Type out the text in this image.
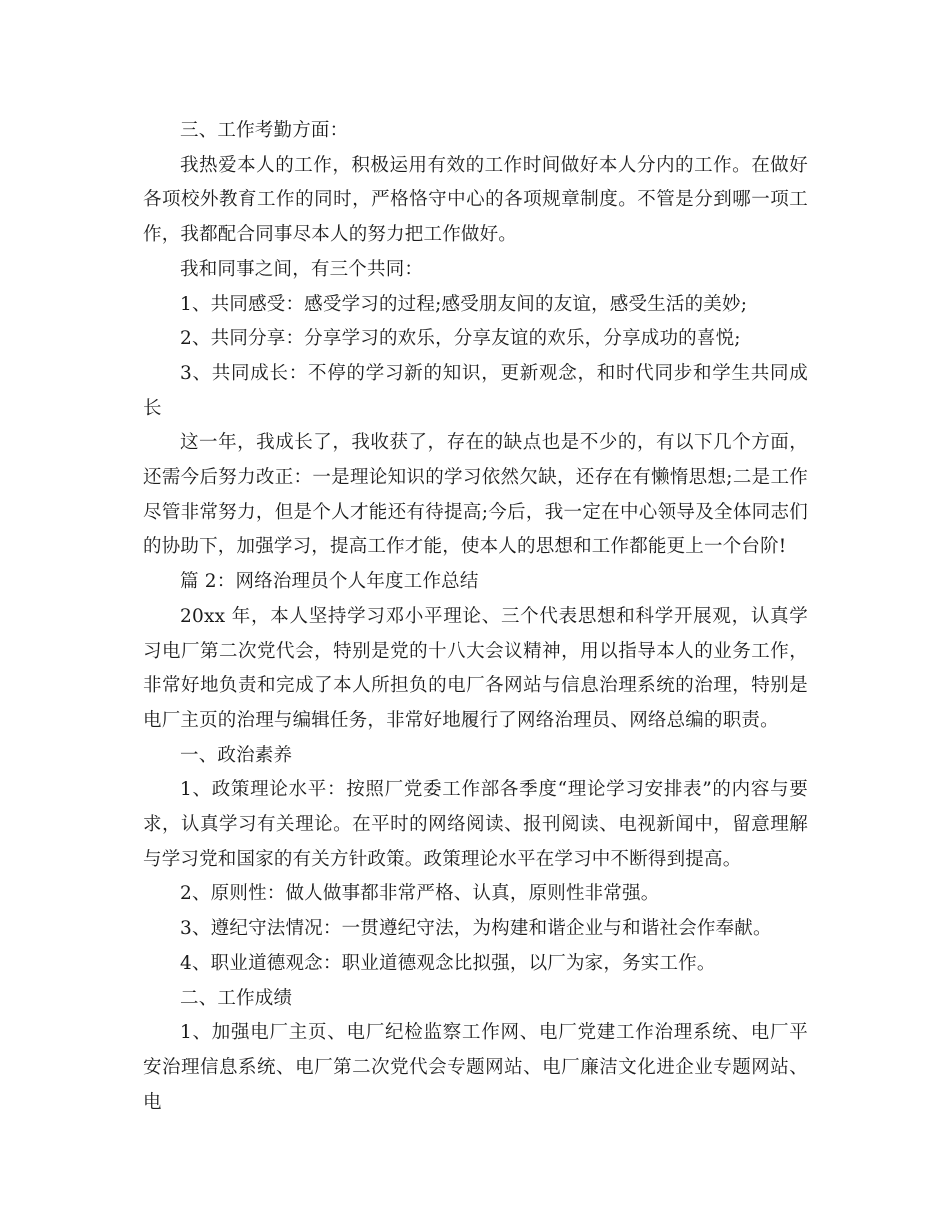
三、工作考勤方面：

我热爱本人的工作，积极运用有效的工作时间做好本人分内的工作。在做好各项校外教育工作的同时，严格恪守中心的各项规章制度。不管是分到哪一项工作，我都配合同事尽本人的努力把工作做好。

我和同事之间，有三个共同：

1、共同感受：感受学习的过程;感受朋友间的友谊，感受生活的美妙;

2、共同分享：分享学习的欢乐，分享友谊的欢乐，分享成功的喜悦;

3、共同成长：不停的学习新的知识，更新观念，和时代同步和学生共同成长

这一年，我成长了，我收获了，存在的缺点也是不少的，有以下几个方面，还需今后努力改正：一是理论知识的学习依然欠缺，还存在有懒惰思想;二是工作尽管非常努力，但是个人才能还有待提高;今后，我一定在中心领导及全体同志们的协助下，加强学习，提高工作才能，使本人的思想和工作都能更上一个台阶!

篇 2：网络治理员个人年度工作总结

20xx 年，本人坚持学习邓小平理论、三个代表思想和科学开展观，认真学习电厂第二次党代会，特别是党的十八大会议精神，用以指导本人的业务工作，非常好地负责和完成了本人所担负的电厂各网站与信息治理系统的治理，特别是电厂主页的治理与编辑任务，非常好地履行了网络治理员、网络总编的职责。

一、政治素养

1、政策理论水平：按照厂党委工作部各季度“理论学习安排表”的内容与要求，认真学习有关理论。在平时的网络阅读、报刊阅读、电视新闻中，留意理解与学习党和国家的有关方针政策。政策理论水平在学习中不断得到提高。

2、原则性：做人做事都非常严格、认真，原则性非常强。

3、遵纪守法情况：一贯遵纪守法，为构建和谐企业与和谐社会作奉献。

4、职业道德观念：职业道德观念比拟强，以厂为家，务实工作。

二、工作成绩

1、加强电厂主页、电厂纪检监察工作网、电厂党建工作治理系统、电厂平安治理信息系统、电厂第二次党代会专题网站、电厂廉洁文化进企业专题网站、电
